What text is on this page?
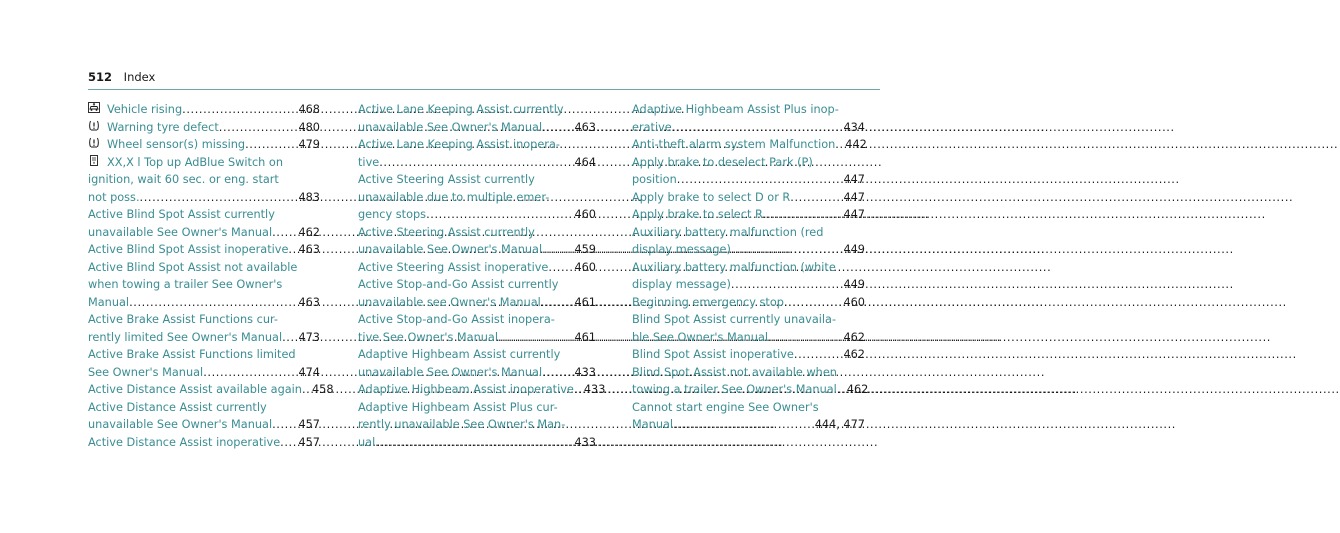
512 Index
Vehicle rising .....	468
Warning tyre defect .....	480
Wheel sensor(s) missing .....	479
XX,X l Top up AdBlue Switch on
ignition, wait 60 sec. or eng. start
not poss. .....	483
Active Blind Spot Assist currently
unavailable See Owner's Manual .....	462
Active Blind Spot Assist inoperative ..... 463
Active Blind Spot Assist not available
when towing a trailer See Owner's
Manual .....	463
Active Brake Assist Functions cur-
rently limited See Owner's Manual .....	473
Active Brake Assist Functions limited
See Owner's Manual .....	474
Active Distance Assist available again ..... 458
Active Distance Assist currently
unavailable See Owner's Manual .....	457
Active Distance Assist inoperative .....	457
Active Lane Keeping Assist currently
unavailable See Owner's Manual .....	463
Active Lane Keeping Assist inopera-
tive .....	464
Active Steering Assist currently
unavailable due to multiple emer-
gency stops .....	460
Active Steering Assist currently
unavailable See Owner's Manual .....	459
Active Steering Assist inoperative .....	460
Active Stop-and-Go Assist currently
unavailable see Owner's Manual .....	461
Active Stop-and-Go Assist inopera-
tive See Owner's Manual .....	461
Adaptive Highbeam Assist currently
unavailable See Owner's Manual .....	433
Adaptive Highbeam Assist inoperative ..... 433
Adaptive Highbeam Assist Plus cur-
rently unavailable See Owner's Man-
ual .....	433
Adaptive Highbeam Assist Plus inop-
erative .....	434
Anti-theft alarm system Malfunction ..... 442
Apply brake to deselect Park (P)
position .....	447
Apply brake to select D or R .....	447
Apply brake to select R .....	447
Auxiliary battery malfunction (red
display message) .....	449
Auxiliary battery malfunction (white
display message) .....	449
Beginning emergency stop .....	460
Blind Spot Assist currently unavaila-
ble See Owner's Manual .....	462
Blind Spot Assist inoperative .....	462
Blind Spot Assist not available when
towing a trailer See Owner's Manual ..... 462
Cannot start engine See Owner's
Manual .....	444, 477
